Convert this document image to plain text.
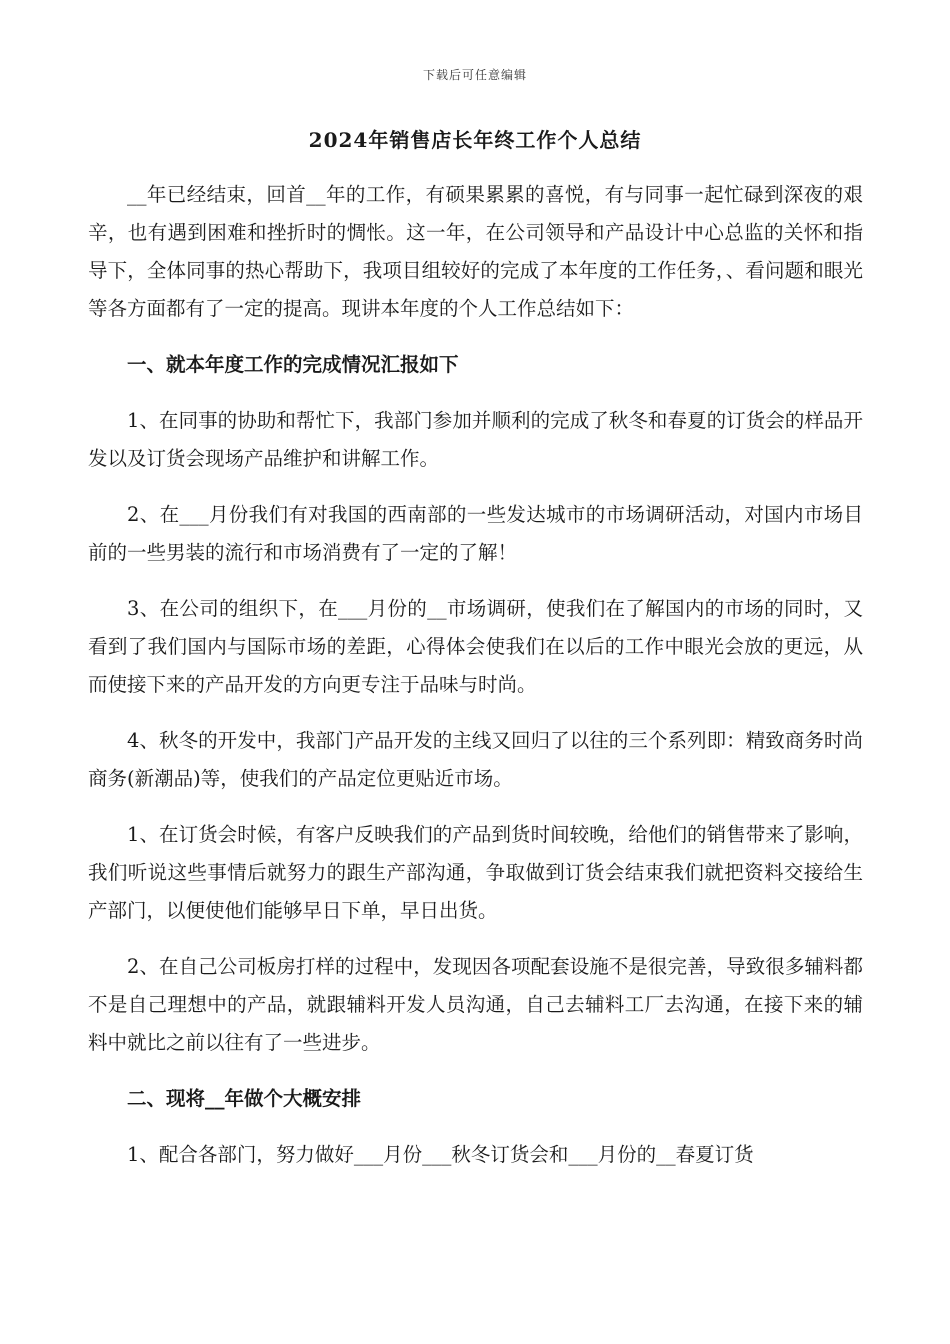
下载后可任意编辑
2024年销售店长年终工作个人总结

__年已经结束，回首__年的工作，有硕果累累的喜悦，有与同事一起忙碌到深夜的艰辛，也有遇到困难和挫折时的惆怅。这一年，在公司领导和产品设计中心总监的关怀和指导下，全体同事的热心帮助下，我项目组较好的完成了本年度的工作任务，、看问题和眼光等各方面都有了一定的提高。现讲本年度的个人工作总结如下：

一、就本年度工作的完成情况汇报如下

1、在同事的协助和帮忙下，我部门参加并顺利的完成了秋冬和春夏的订货会的样品开发以及订货会现场产品维护和讲解工作。

2、在___月份我们有对我国的西南部的一些发达城市的市场调研活动，对国内市场目前的一些男装的流行和市场消费有了一定的了解！

3、在公司的组织下，在___月份的__市场调研，使我们在了解国内的市场的同时，又看到了我们国内与国际市场的差距，心得体会使我们在以后的工作中眼光会放的更远，从而使接下来的产品开发的方向更专注于品味与时尚。

4、秋冬的开发中，我部门产品开发的主线又回归了以往的三个系列即：精致商务时尚商务(新潮品)等，使我们的产品定位更贴近市场。

1、在订货会时候，有客户反映我们的产品到货时间较晚，给他们的销售带来了影响，我们听说这些事情后就努力的跟生产部沟通，争取做到订货会结束我们就把资料交接给生产部门，以便使他们能够早日下单，早日出货。

2、在自己公司板房打样的过程中，发现因各项配套设施不是很完善，导致很多辅料都不是自己理想中的产品，就跟辅料开发人员沟通，自己去辅料工厂去沟通，在接下来的辅料中就比之前以往有了一些进步。

二、现将__年做个大概安排

1、配合各部门，努力做好___月份___秋冬订货会和___月份的__春夏订货
